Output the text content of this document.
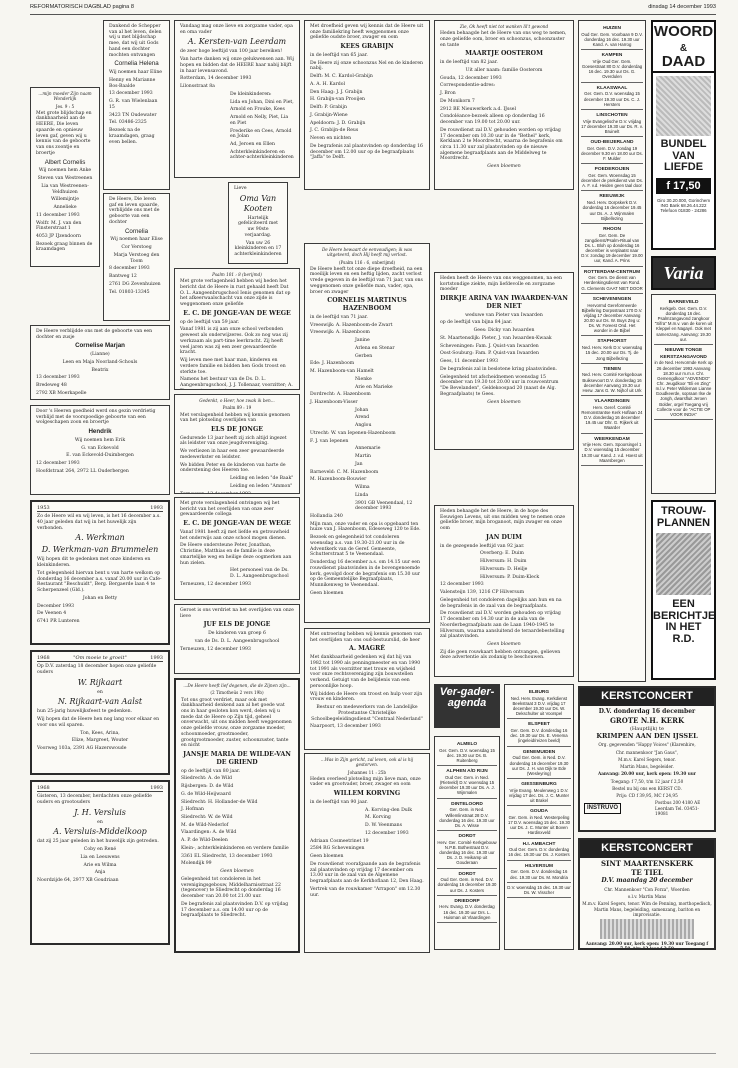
REFORMATORISCH DAGBLAD pagina 8	dinsdag 14 december 1993

...mijn moeder Zijn naam Wonderlijk

Jes. 9 : 5

Met grote blijdschap en dankbaarheid aan de HEERE, Die leven spaarde en opnieuw leven gaf, geven wij u kennis van de geboorte van ons zoontje en broertje

Albert Cornelis

Wij noemen hem Anke

Steven van Westreenen

Lia van Westreenen-Veldhuizen

Willemijntje

Annelieke

11 december 1993

Wolfr. M. J. van den Finsterstraat 1

4053 JP IJzendoorn

Bezoek graag binnen de kraamdagen

De Heere verblijdde ons met de geboorte van een dochter en zusje

Cornelise Marjan

(Lianne)

Leen en Maja Noorland-Schouls

Beatrix

13 december 1993

Bredeweg 48

2792 XB Moerkapelle

Door 's Heeren goedheid werd ons gezin verdrietig verblijd met de voorspoedige geboorte van een wolgeschapen zoon en broertje

Hendrik

Wij noemen hem Erik

G. van Eckevold

E. van Eckevold-Duimbergen

12 december 1993

Hoofdstraat 264, 2972 LL Ouderbergen

1953	1993

Zo de Heere wil en wij leven, is het 16 december a.s. 40 jaar geleden dat wij in het huwelijk zijn verbonden.

A. Werkman

D. Werkman-van Brummelen

Wij hopen dit te gedenken met onze kinderen en kleinkinderen.

Tot gelegenheid hiervan bent u van harte welkom op donderdag 16 december a.s. vanaf 20.00 uur in Cafe-Restaurant "Beschuidt", Berg. Bergaerde laan 4 te Scherpenzeel (Gld.).

Johan en Betty

December 1993

De Veenen 4

6741 PR Lunteren

1968	"Om moeie te groeit"	1993

Op D.V. zaterdag 18 december hopen onze geliefde ouders

W. Rijkaart

en

N. Rijkaart-van Aalst

hun 25-jarig huwelijksfeest te gedenken.

Wij hopen dat de Heere hen nog lang voor elkaar en voor ons wil sparen.

Ton, Kees, Arina,

Elize, Margreet, Wouter

Voorweg 103a, 2391 AG Hazerswoude

1968	1993

Gisteren, 13 december, herdachten onze geliefde ouders en grootouders

J. H. Versluis

en

A. Versluis-Middelkoop

dat zij 25 jaar geleden in het huwelijk zijn getreden.

Coby en René

Lia en Leeuwens

Arie en Wilma

Anja

Noordzijde 64, 2977 XB Goudriaan

Dankend de Schepper van al het leven, delen wij u met blijdschap mee, dat wij uit Gods hand een dochter mochten ontvangen

Cornelia Helena

Wij noemen haar Eline

Henny en Marianne Bos-Baalde

13 december 1993

G. R. van Wielenlaan 15

3423 TN Oudewater

Tel. 03486-2325

Bezoek na de kraamdagen, graag even bellen.

De Heere, Die leven gaf en leven spaarde, verblijdde ons met de geboorte van een dochter

Cornelia

Wij noemen haar Elise

Cor Verstoeg

Marja Verstoeg den Toom

8 december 1993

Bantweg 12

2761 DG Zevenhuizen

Tel. 01803-13345

Vandaag mag onze lieve en zorgzame vader, opa en oma vader

A. Kersten-van Leerdam

de zeer hoge leeftijd van 100 jaar bereiken!

Van harte danken wij onze gelukwensen aan. Wij hopen en bidden dat de HEERE haar nabij blijft in haar levensavond.

Rotterdam, 14 december 1993

Lilonsstraat 8a

De kleinkinderen:

Lida en Johan, Dini en Piet,

Arnold en Frouke, Kees

Arnold en Nelly, Piet, Lia en Piet

Frederike en Cees, Arnold en Jolan

Ad, Jeroen en Ellen

Achterkleinkinderen en achter-achterkleinkinderen

Lieve

Oma Van Kooten

Hartelijk gefeliciteerd met uw 90ste verjaardag.

Van uw 26 kleinkinderen en 17 achterkleinkinderen

Psalm 101 : 8 (berijmd)

Met grote verlagenheid hebben wij heden het bericht dat de Heere in rust gehaald heeft Dat O. L. Aangeenbrugschool Ienis genomen dat op het afkeerwaalschacht van onze zijde is weggenomen onze geliefde

E. C. DE JONGE-VAN DE WEGE

op de leeftijd van 59 jaar.

Vanaf 1981 is zij aan onze school verbonden geweest als onderwijzeres. Ook zo nog was zij werkzaam als part-time leerkracht. Zij heeft veel jaren was zij een zeer gewaardeerde kracht.

Wij leven mee met haar man, kinderen en verdere familie en bidden hen Gods troost en sterkte toe.

Namens het bestuur van de Ds. D. L. Aangeenbrugschool, J. J. Tollenaar, voorzitter; A.

Gedenkt, o Heer, hoe zwak ik ben...

Psalm 89 : 19

Met verslagenheid hebben wij kennis genomen van het plotseling overlijden van

ELS DE JONGE

Gedurende 13 jaar heeft zij zich altijd ingezet als leidster van onze jeugdvereniging.

We verliezen in haar een zeer gewaardeerde medewerkster en leidster.

We bidden Peter en de kinderen van harte de onderstening des Heeren toe.

Leiding en leden "de Baak"

Leiding en leden "Ammon"

Met grote verslagenheid ontvingen wij het bericht van het overlijden van onze zeer gewaardeerde collega

E. C. DE JONGE-VAN DE WEGE

Vanaf 1981 heeft zij met liefde en getrouwheid het onderwijs aan onze school mogen dienen.

De Heere ondersteune Peter, Jonathan, Christine, Matthias en de familie in deze smartelijke weg en heilige deze oogmerken aan hun zielen.

Het personeel van de Ds. D. L. Aangeenbrugschool

Terneuzen, 12 december 1993

Geroet is ons verdriet na het overlijden van onze lieve

JUF ELS DE JONGE

De kinderen van groep 6

van de Ds. D. L. Aangeenbrugschool

Terneuzen, 12 december 1993

...De Heere heeft lief degenen, die de Zijnen zijn...

(2 Timotheüs 2 vers 19b)

Tot ons groot verdriet, maar ook met dankbaarheid denkend aan al het goede wat ons in haar gesloten kon werd, delen wij u mede dat de Heere op Zijn tijd, geheel onverwacht, uit ons midden heeft weggenomen onze geliefde vrouw, onze zorgzame moeder, schoonmoeder, grootmoeder, grootgrootmoeder, zuster, schoonzuster, tante en nicht

JANSJE MARIA DE WILDE-VAN DE GRIEND

op de leeftijd van 80 jaar.

Sliedrecht: A. de Wild

Rijsbergen: D. de Wild

G. de Wild-Heijwaard

Sliedrecht: H. Hollander-de Wild

J. Hofman

Sliedrecht: W. de Wild

M. de Wild-Nederlof

Vlaardingen: A. de Wild

A. P. de Wild-Deelen

Klein-, achterkleinkinderen en verdere familie

3361 EL Sliedrecht, 13 december 1993

Molendijk 99

Geen bloemen

Gelegenheid tot condoleren in het verenigingsgebouw, Middelharnisstraat 22 (tegenover) te Sliedrecht op donderdag 16 december van 20.00 tot 21.00 uur.

De begrafenis zal plaatsvinden D.V. op vrijdag 17 december a.s. om 14.00 uur op de begraafplaats te Sliedrecht.

Met droefheid geven wij kennis dat de Heere uit onze familiekring heeft weggenomen onze geliefde oudste broer, zwager en oom

KEES GRABIJN

in de leeftijd van 65 jaar.

De Heere zij onze schoonzus Nel en de kinderen nabij.

Delft: M. C. Kardol-Grabijn

A. A. H. Kardol

Den Haag: J. J. Grabijn

H. Grabijn-van Prooijen

Delft: P. Grabijn

J. Grabijn-Wiene

Apeldoorn: J. D. Grabijn

J. C. Grabijn-de Reus

Neven en nichten

De begrafenis zal plaatsvinden op donderdag 16 december om 12.00 uur op de begraafplaats "Jaffa" te Delft.

De Heere bewaart de eenvoudigen; ik was uitgeteerd, doch Hij heeft mij verlost.

(Psalm 116 : 6, onberijmd)

De Heere heeft tot onze diepe droefheid, na een moeilijk leven en een heftig lijden, zacht verlost vrede gegeven in de leeftijd van 71 jaar, van ons weggenomen onze geliefde man, vader, opa, broer en zwager

CORNELIS MARTINUS HAZENBOOM

in de leeftijd van 71 jaar.

Vreeswijk: A. Hazenboom-de Zwart

Vreeswijk: A. Hazenboom

Janine

Arlena en Stenar

Gerben

Ede: J. Hazenboom

M. Hazenboom-van Hamelt

Nienke

Arie en Marieke

Dordrecht: A. Hazenboom

J. Hazenboom-Visser

Johan

Arend

Anglou

Utrecht: W. van Iepenen-Hazenboom

F. J. van Iepenen

Annemarie

Martin

Jan

Barneveld: C. M. Hazenboom

M. Hazenboom-Bouwier

Wilma

Linda

3901 GB Veenendaal, 12 december 1993

Hollandia 240

Mijn man, onze vader en opa is opgebaard ten huize van J. Hazenboom, Edeseweg 120 te Ede.

Bezoek en gelegenheid tot condoleren woensdag a.s. van 19.30-21.00 uur in de Adventkerk van de Geref. Gemeente, Schutterstraat 5 te Veenendaal.

Donderdag 16 december a.s. om 14.15 uur een rouwdienst plaatsvinden in de bovengenoemde kerk, gevolgd door de begrafenis om 15.30 uur op de Gemeentelijke Begraafplaats, Munnikenweg te Veenendaal.

Geen bloemen

Met ontroering hebben wij kennis genomen van het overlijden van ons oud-bestuurslid, de heer

A. MAGRÉ

Met dankbaarheid gedenken wij dat hij van 1982 tot 1990 als penningmeester en van 1990 tot 1991 als voorzitter met trouw en wijsheid voor onze rechtsvereniging zijn bouwstellen verkend. Getuigt van de belijdenis van een persoonlijke hoop.

Wij bidden de Heere om troost en hulp voor zijn vrouw en kinderen.

Bestuur en medewerkers van de Landelijke Protestantse Christelijke Schoolbegeleidingsdienst "Centraal Nederland"

Naarpoort, 13 december 1993

...Was in Zijn gericht, zal leven, ook al is hij gestorven.

Johannes 11 : 25b

Heden overleed plotseling mijn lieve man, onze vader en grootvader, broer, zwager en oom

WILLEM KORVING

in de leeftijd van 90 jaar.

A. Korving-den Dulk

M. Korving

D. W. Veenmans

12 december 1993

Adriaan Cosmeetrinet 19

2584 RG Scheveningen

Geen bloemen

De rouwdienst voorafgaande aan de begrafenis zal plaatsvinden op vrijdag 17 december om 13.00 uur in de zaal van de Algemene begraafplaats aan de Kerkhoflaan 12, Den Haag.

Vertrek van de rouwkamer "Arrapon" om 12.30 uur.

Zie, Ok heeft niet tot wanken lil't gewond

Heden behaagde het de Heere van ons weg te nemen, onze geliefde oom, broer en schoonzus, schoonzuster en tante

MAARTJE OOSTEROM

in de leeftijd van 82 jaar.

Uit aller naam: familie Oosterom

Gouda, 12 december 1993

Correspondentie-adres:

J. Bron

De Monikorn 7

2912 BE Nieuwerkerk a.d. IJssel

Condoléance-bezoek alleen op donderdag 16 december van 19.00 tot 20.00 uur.

De rouwdienst zal D.V. gehouden worden op vrijdag 17 december om 10.30 uur in de "Bethel" kerk, Kerklaan 2 te Moordrecht, waarna de begrafenis om circa 11.30 uur zal plaatsvinden op de nieuwe algemene begraafplaats aan de Middelweg te Moordrecht.

Geen bloemen

Heden heeft de Heere van ons weggenomen, na een kortstondige ziekte, mijn liefdevolle en zorgzame moeder

DIRKJE ARINA VAN IWAARDEN-VAN DER NIET

weduwe van Pieter van Iwaarden

op de leeftijd van bijna 84 jaar.

Gees: Dicky van Iwaarden

St. Maartensdijk: Pieter, J. van Iwaarden-Kwaak

Scheveningen: Fam. J. Quist-van Iwaarden

Oost-Souburg: Fam. P. Quist-van Iwaarden

Gees, 11 december 1993

De begrafenis zal in beslotene kring plaatsvinden.

Gelegenheid tot afscheidnemen woensdag 15 december van 19.30 tot 20.00 uur in rouwcentrum "De Bevelanden", Geldekoospad 20 (naast de Alg. Begraafplaats) te Gees.

Geen bloemen

Heden behaagde het de Heere, in de hope des Eeuwigen Levens, uit ons midden weg te nemen onze geliefde broer, mijn broganoot, mijn zwager en onze oom

JAN DUIM

in de gezegende leeftijd van 92 jaar.

Overberg: E. Duim

Hilversum: H. Duim

Hilversum: D. Heilje

Hilversum: P. Duim-Kleck

12 december 1993

Valensteijn 139, 1216 CP Hilversum

Gelegenheid tot condoleren dagelijks aan hun en na de begrafenis in de zaal van de begraafplaats.

De rouwdienst zal D.V. worden gehouden op vrijdag 17 december om 14.30 uur in de aula van de Noorderbegraafplaats aan de Laan 1940-1945 te Hilversum, waarna aansluitend de teraardebestelling zal plaatsvinden.

Geen bloemen

Zij die geen rouwkaart hebben ontvangen, gelieven deze advertentie als zodanig te beschouwen.

Ver-gader-agenda
ALMELO
Ger. Gem. D.V. woensdag 15 dec. 19.30 uur Ds. B. Ruitenberg
ALPHEN A/D RIJN
Oud Ger. Gem. in Ned. (Rietveld) D.V. woensdag 15 december 19.30 uur Ds. A. J. Wijnmalen
DINTELOORD
Ger. Gem. in Ned. Willemlinstraat 28 D.V. donderdag 16 dec. 19.30 uur Ds. A. Wisse
DORDT
Herv. Ger. Comité Kerkgebouw N.P.B. Bothestraat D.V. donderdag 16 dec. 19.30 uur Ds. J. D. Heikamp uit Gouderaan
DORDT
Oud Ger. Gem. in Ned. D.V. donderdag 16 december 19.30 uur Ds. J. Kosters
DRIEDORP
Herv. Evang. D.V. donderdag 16 dec. 19.30 uur Drs. L. Huisman uit Vlaardingen
ELBURG
Ned. Herv. Evang. Kerkdienst Beekstraat 3 D.V. vrijdag 17 december 19.30 uur Ds. W. Dekschulter uit Voorspel
ELSPEET
Ger. Gem. D.V. donderdag 16 dec. 19.30 uur Ds. E. Venema (ingeleid/reizen beeld)
GENEMUIDEN
Oud Ger. Gem. in Ned. D.V. donderdag 16 december 19.30 uur Ds. J. H. van Dijk te Ede (Wesleyring)
GIESSENBURG
Vrije Evang. Meulenweg 1 D.V. vrijdag 17 dec. Ds. J. C. Munter uit Brakel
GOUDA
Ger. Gem. in Ned. Westerpeling 17 D.V. woensdag 15 dec. 19.30 uur Ds. J. C. Munter uit Boven Hardinxveld
H.I. AMBACHT
Oud Ger. Gem. D.V. donderdag 16 dec. 19.30 uur Ds. J. Kosters
HILVERSUM
Ger. Gem. D.V. donderdag 16 dec. 19.30 uur Ds. M. Mondria
D.V. woensdag 15 dec. 19.30 uur Ds. W. Visscher
HUIZEN
Oud Ger. Gem. Voorbaan 9 D.V. donderdag 16 dec. 19.30 uur Kand. A. van Harrog
KAMPEN
Vrije Oud Ger. Gem. Goesestraat 80 D.V. donderdag 16 dec. 19.30 uur Ds. G. Overdulen
KLAASWAAL
Ger. Gem. D.V. woensdag 15 december 19.30 uur Ds. C. J. Hersters
LINSCHOTEN
Vrije Evangelische D.V. vrijdag 17 december 19.30 uur Ds. R. v. Bruinelt
OUD-BEIJERLAND
Ger. Gem. D.V. zondag 19 december 9.30 en 18.00 uur Ds. F. Mulder
POEDEROIJEN
Ger. Gem. Woensdag 15 december de prekdienst van Ds. A. F. v.d. Heiden geen taal door
REEUWIJK
Ned. Herv. Dorpskerk D.V. donderdag 16 december 19.45 uur Ds. A. J. Wijnmalen Bijbellezing
RHOON
Ger. Gem. De zangdienst/Psalm-Ritual van Ds. L. Bloh op donderdag 16 december is verplaatst naar D.V. zondag 19 december 19.00 uur, Kand. A. Prins
ROTTERDAM-CENTRUM
Ger. Gem. De dienst van Herdenkingsdienst van Rond. G. Clements GAAT NIET DOOR
SCHEVENINGEN
Hervormd Gereformeerde Bijbelkring Dorpsstraat 170 D.V. vrijdag 17 december Aanvang 20.00 uur Ds. W. Buys Zeg u: Ds. W. Foreest Ond. Het wonder in de Bijbel
STAPHORST
Ned. Herv. Kerk D.V. woensdag 15 dec. 20.00 uur Ds. Tj. de Jong Bijbellezing
TIENEN
Ned. Herv. Comité Kerkgebouw Buiksevoort D.V. donderdag 16 december Aanvang 19.30 uur Herw. Jans G. W. Nijhof uit Urk
VLAARDINGEN
Herv. Geref. Comité Remonstrantse Kerk Hoflaan 24 D.V. donderdag 16 december 19.45 uur Dhr. G. Rijkerk uit Waarder
WEERKENDAM
Vrije Herv. Gem. Spoorsingel 1 D.V. woensdag 15 december 19.30 uur Kand. J. v.d. Hoest uit Maarsbergen
WOORD
&
DAAD
BUNDEL
VAN
LIEFDE
f 17,50
Giro 30.20.000, Gorinchem ING Bank 68.26.44.222 Telefoon 01830 - 24286
Varia
BARNEVELD
Kerkgeb. Ger. Gem. D.V. donderdag 16 dec. Psalmzangavond zangkoor "Sifra" M.m.v. van de koren uit Kleppel en Nagayri. Ook met samenzang. Aanvang: 19.30 uur.
NIEUWE TONGE KERSTZANGAVOND
in de Ned. Hervormde Kerk op 26 december 1993 Aanvang 18.30 uur m.m.v. Chr. Gemengdkoor "ADVENDO" Chr. Jeugdkoor "Eli en Zing" m.l.v. Peter Wildeman Lianne Goudkeerde, sopraan Ilse de Jongh, dwarsfluit Jeroen Bolder, orgel Toegang vrij Collecte voor de "ACTIE OP VOOR INDIA"
TROUW-
PLANNEN
EEN
BERICHTJE
IN HET R.D.
KERSTCONCERT

D.V. donderdag 16 december

GROTE N.H. KERK

(Hauptlijk) te

KRIMPEN AAN DEN IJSSEL

Org. gegevenden "Happy Voices" (Klarenhire,

Chr. mannenkoor "Jan Gaus",

M.m.v. Karel Segers, tenor.

Martin Mans, begeleider.

Aanvang: 20.00 uur, kerk open: 19.30 uur

Toegang: f 7,50, t/m 12 jaar f 2,50

Bestel nu bij ons een KERST CD.

Prijs: CD f 39,95, MC f 24,95

INSTRUVO
Postbus 200 4180 AE Leerdam Tel. 03451-19081
KERSTCONCERT

SINT MAARTENSKERK

TE TIEL

D.V. maandag 20 december

Chr. Mannenkoor "Con Forza", Woerden

o.l.v. Martin Mans

M.m.v. Karel Segers, tenor. Wim de Penning, morthopedisch, Martin Mans, begeleiding, samenzang, bariton en improvisatie.

Aanvang: 20.00 uur, kerk open: 19.30 uur Toegang f 7,50. t/m 12 jaar f 2,50
